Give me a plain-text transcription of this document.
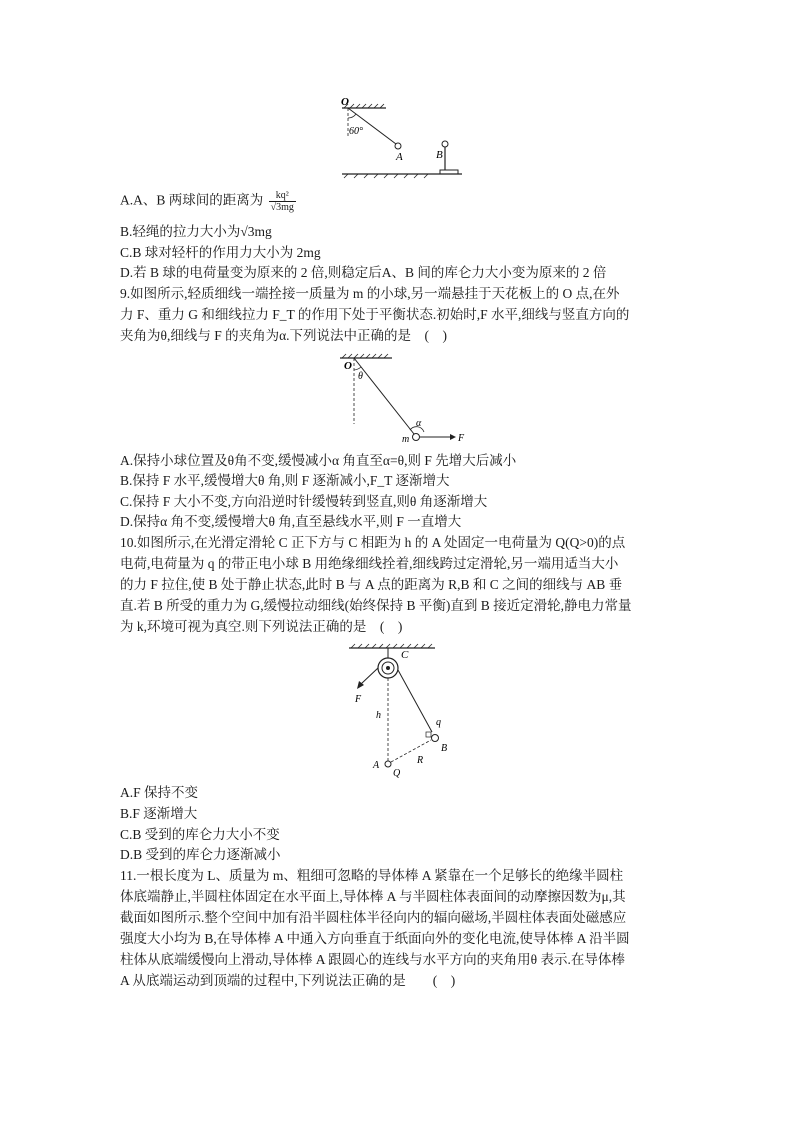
O
60°
A	B
A.A、B 两球间的距离为 $\frac{\text{kq²}}{√3mg}$
B.轻绳的拉力大小为√3mg
C.B 球对轻杆的作用力大小为 2mg
D.若 B 球的电荷量变为原来的 2 倍,则稳定后A、B 间的库仑力大小变为原来的 2 倍
9.如图所示,轻质细线一端拴接一质量为 m 的小球,另一端悬挂于天花板上的 O 点,在外
力 F、重力 G 和细线拉力 F_T 的作用下处于平衡状态.初始时,F 水平,细线与竖直方向的
夹角为θ,细线与 F 的夹角为α.下列说法中正确的是　(　)
O
θ
α
m	F
A.保持小球位置及θ角不变,缓慢减小α 角直至α=θ,则 F 先增大后减小
B.保持 F 水平,缓慢增大θ 角,则 F 逐渐减小,F_T 逐渐增大
C.保持 F 大小不变,方向沿逆时针缓慢转到竖直,则θ 角逐渐增大
D.保持α 角不变,缓慢增大θ 角,直至悬线水平,则 F 一直增大
10.如图所示,在光滑定滑轮 C 正下方与 C 相距为 h 的 A 处固定一电荷量为 Q(Q>0)的点
电荷,电荷量为 q 的带正电小球 B 用绝缘细线拴着,细线跨过定滑轮,另一端用适当大小
的力 F 拉住,使 B 处于静止状态,此时 B 与 A 点的距离为 R,B 和 C 之间的细线与 AB 垂
直.若 B 所受的重力为 G,缓慢拉动细线(始终保持 B 平衡)直到 B 接近定滑轮,静电力常量
为 k,环境可视为真空.则下列说法正确的是　(　)
C
F
h
q
B
A
Q
R
A.F 保持不变
B.F 逐渐增大
C.B 受到的库仑力大小不变
D.B 受到的库仑力逐渐减小
11.一根长度为 L、质量为 m、粗细可忽略的导体棒 A 紧靠在一个足够长的绝缘半圆柱
体底端静止,半圆柱体固定在水平面上,导体棒 A 与半圆柱体表面间的动摩擦因数为μ,其
截面如图所示.整个空间中加有沿半圆柱体半径向内的辐向磁场,半圆柱体表面处磁感应
强度大小均为 B,在导体棒 A 中通入方向垂直于纸面向外的变化电流,使导体棒 A 沿半圆
柱体从底端缓慢向上滑动,导体棒 A 跟圆心的连线与水平方向的夹角用θ 表示.在导体棒
A 从底端运动到顶端的过程中,下列说法正确的是　　(　)
